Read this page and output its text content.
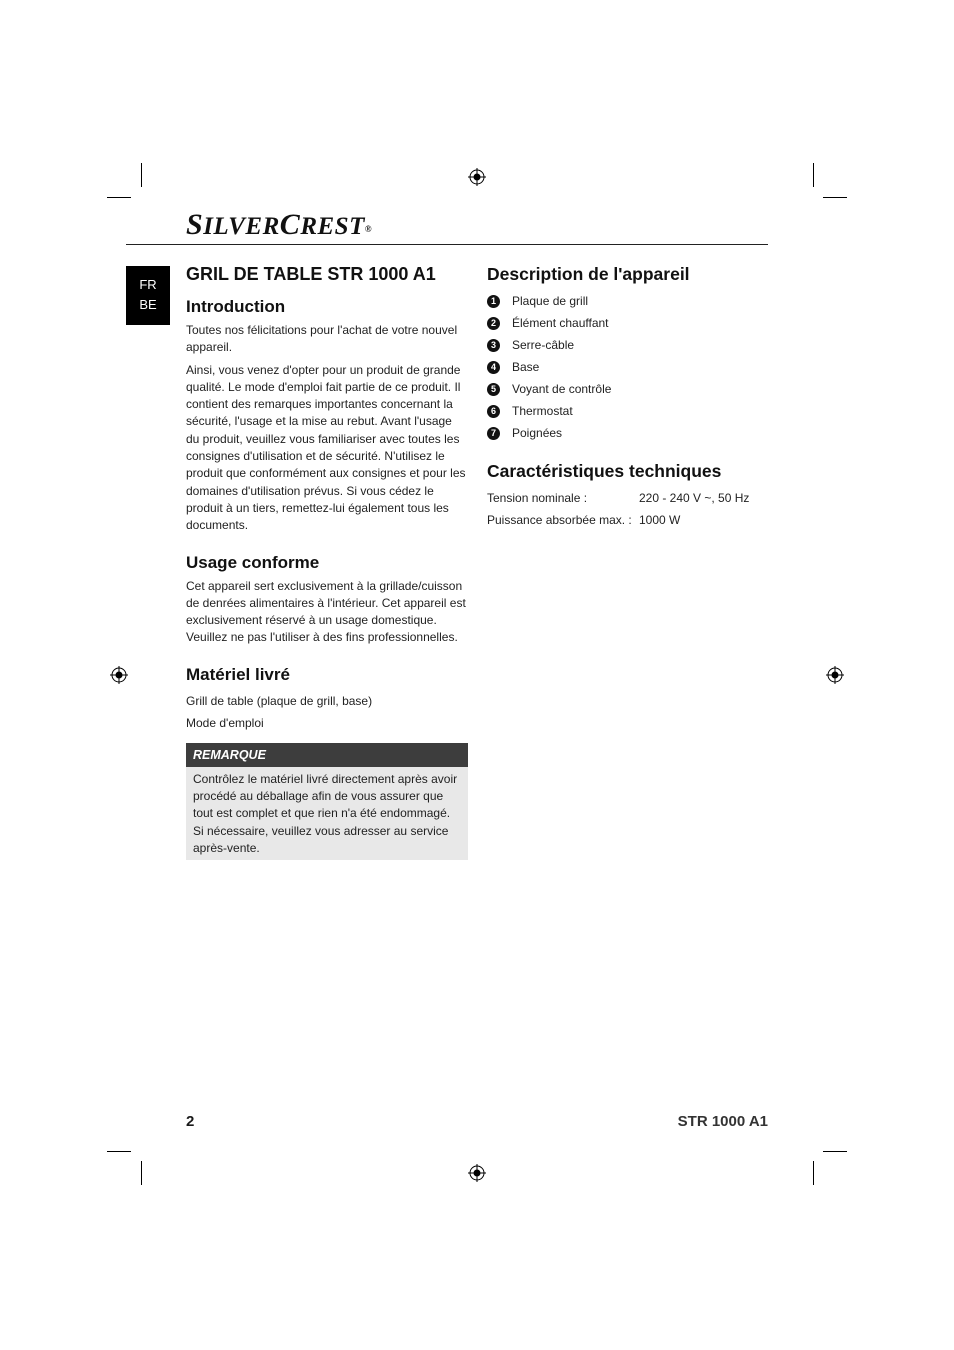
SILVERCREST®
FR
BE
GRIL DE TABLE STR 1000 A1
Introduction

Toutes nos félicitations pour l'achat de votre nouvel appareil.

Ainsi, vous venez d'opter pour un produit de grande qualité. Le mode d'emploi fait partie de ce produit. Il contient des remarques importantes concernant la sécurité, l'usage et la mise au rebut. Avant l'usage du produit, veuillez vous familiariser avec toutes les consignes d'utilisation et de sécurité. N'utilisez le produit que conformément aux consignes et pour les domaines d'utilisation prévus. Si vous cédez le produit à un tiers, remettez-lui également tous les documents.

Usage conforme

Cet appareil sert exclusivement à la grillade/cuisson de denrées alimentaires à l'intérieur. Cet appareil est exclusivement réservé à un usage domestique. Veuillez ne pas l'utiliser à des fins professionnelles.

Matériel livré

Grill de table (plaque de grill, base)

Mode d'emploi

REMARQUE

Contrôlez le matériel livré directement après avoir procédé au déballage afin de vous assurer que tout est complet et que rien n'a été endommagé. Si nécessaire, veuillez vous adresser au service après-vente.

Description de l'appareil
1	Plaque de grill
2	Élément chauffant
3	Serre-câble
4	Base
5	Voyant de contrôle
6	Thermostat
7	Poignées
Caractéristiques techniques
Tension nominale :	220 - 240 V ~, 50 Hz
Puissance absorbée max. : 1000 W
2	STR 1000 A1
